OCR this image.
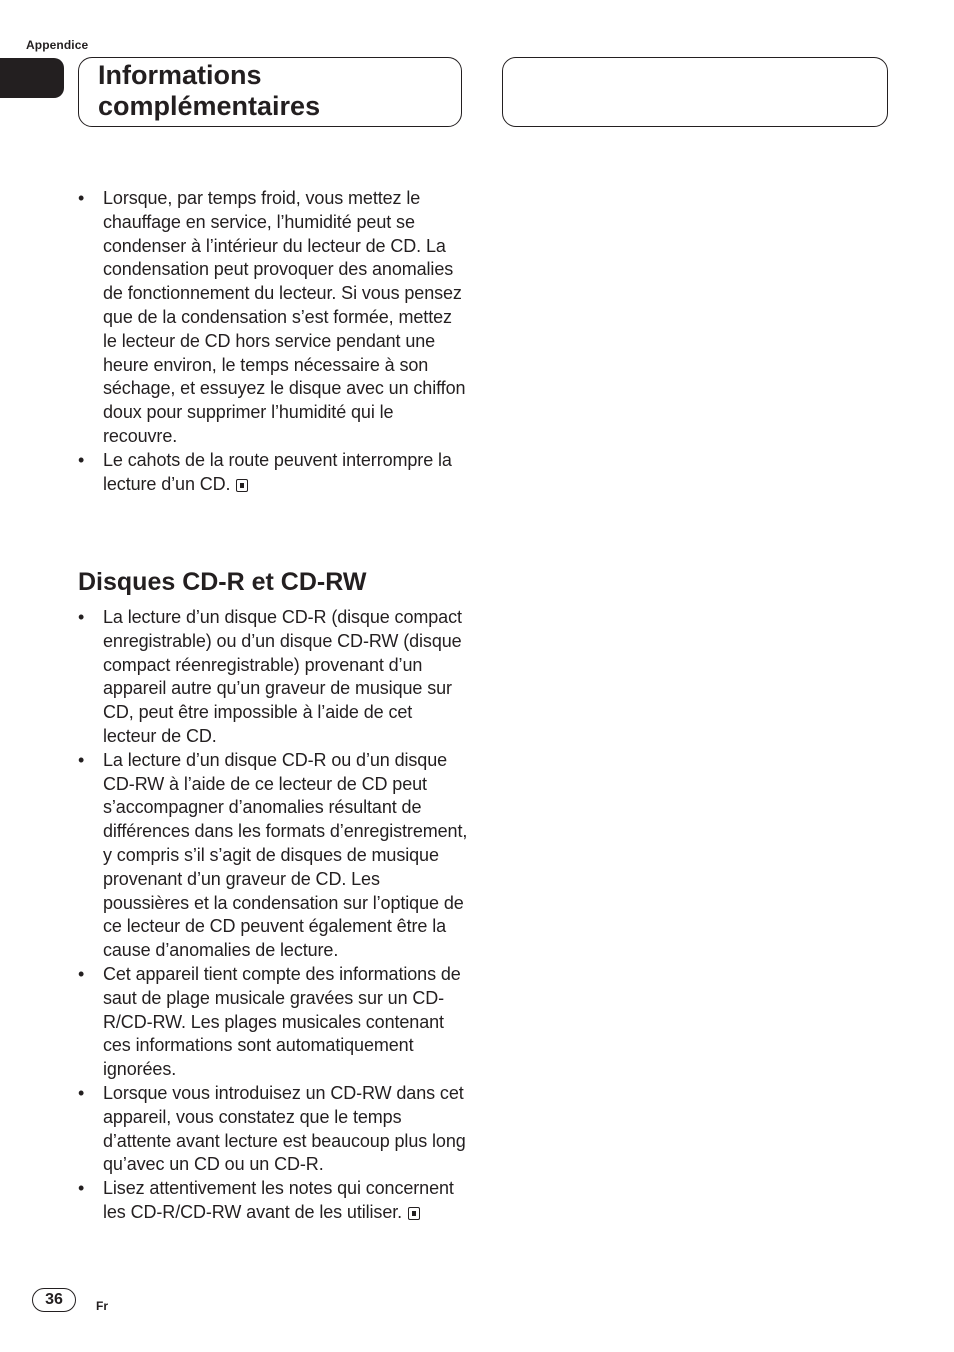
Appendice
Informations complémentaires
• Lorsque, par temps froid, vous mettez le chauffage en service, l’humidité peut se condenser à l’intérieur du lecteur de CD. La condensation peut provoquer des anomalies de fonctionnement du lecteur. Si vous pensez que de la condensation s’est formée, mettez le lecteur de CD hors service pendant une heure environ, le temps nécessaire à son séchage, et essuyez le disque avec un chiffon doux pour supprimer l’humidité qui le recouvre.
• Le cahots de la route peuvent interrompre la lecture d’un CD.
Disques CD-R et CD-RW
• La lecture d’un disque CD-R (disque compact enregistrable) ou d’un disque CD-RW (disque compact réenregistrable) provenant d’un appareil autre qu’un graveur de musique sur CD, peut être impossible à l’aide de cet lecteur de CD.
• La lecture d’un disque CD-R ou d’un disque CD-RW à l’aide de ce lecteur de CD peut s’accompagner d’anomalies résultant de différences dans les formats d’enregistrement, y compris s’il s’agit de disques de musique provenant d’un graveur de CD. Les poussières et la condensation sur l’optique de ce lecteur de CD peuvent également être la cause d’anomalies de lecture.
• Cet appareil tient compte des informations de saut de plage musicale gravées sur un CD-R/CD-RW. Les plages musicales contenant ces informations sont automatiquement ignorées.
• Lorsque vous introduisez un CD-RW dans cet appareil, vous constatez que le temps d’attente avant lecture est beaucoup plus long qu’avec un CD ou un CD-R.
• Lisez attentivement les notes qui concernent les CD-R/CD-RW avant de les utiliser.
36	Fr
